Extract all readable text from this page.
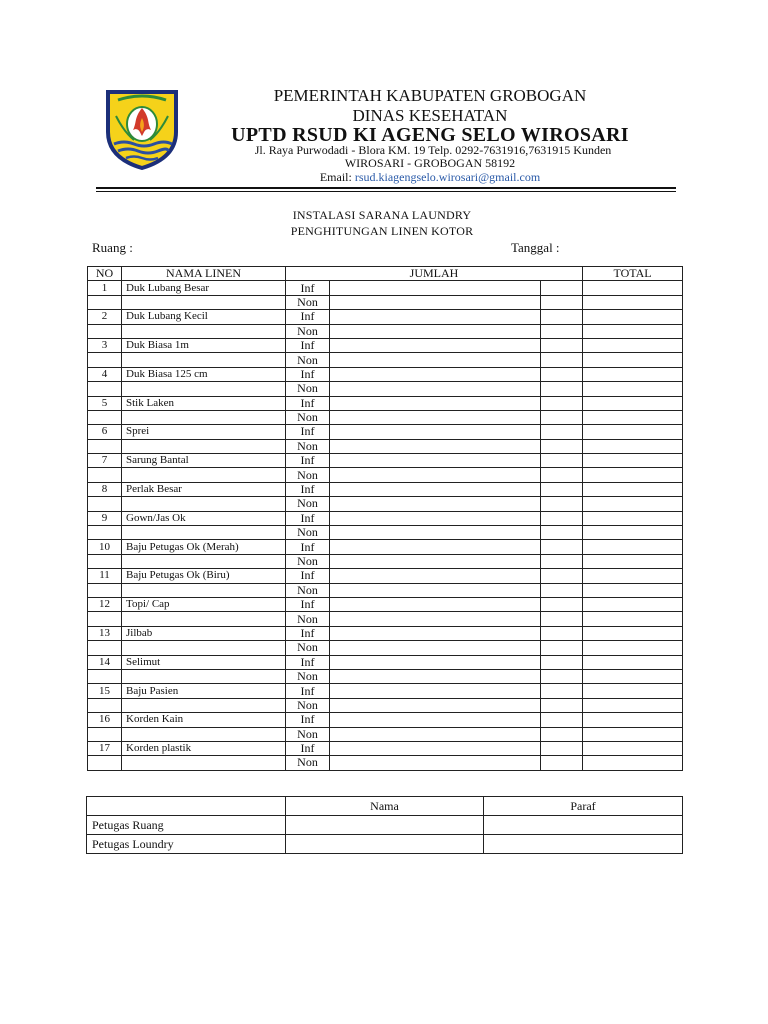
PEMERINTAH KABUPATEN GROBOGAN
DINAS KESEHATAN
UPTD RSUD KI AGENG SELO WIROSARI
Jl. Raya Purwodadi - Blora KM. 19 Telp. 0292-7631916,7631915 Kunden
WIROSARI - GROBOGAN 58192
Email: rsud.kiagengselo.wirosari@gmail.com
INSTALASI SARANA LAUNDRY
PENGHITUNGAN LINEN KOTOR
Ruang :	Tanggal :
NO	NAMA LINEN	JUMLAH			TOTAL
1	Duk Lubang Besar	Inf			
		Non			
2	Duk Lubang Kecil	Inf			
		Non			
3	Duk Biasa 1m	Inf			
		Non			
4	Duk Biasa 125 cm	Inf			
		Non			
5	Stik Laken	Inf			
		Non			
6	Sprei	Inf			
		Non			
7	Sarung Bantal	Inf			
		Non			
8	Perlak Besar	Inf			
		Non			
9	Gown/Jas Ok	Inf			
		Non			
10	Baju Petugas Ok (Merah)	Inf			
		Non			
11	Baju Petugas Ok (Biru)	Inf			
		Non			
12	Topi/ Cap	Inf			
		Non			
13	Jilbab	Inf			
		Non			
14	Selimut	Inf			
		Non			
15	Baju Pasien	Inf			
		Non			
16	Korden Kain	Inf			
		Non			
17	Korden plastik	Inf			
		Non			
	Nama	Paraf
Petugas Ruang		
Petugas Loundry		
